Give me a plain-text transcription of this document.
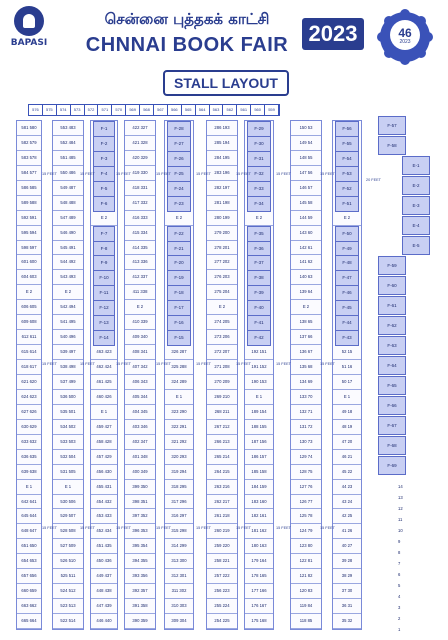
BAPASI
சென்னை புத்தகக் காட்சி
CHNNAI BOOK FAIR 2023	46
2023
STALL LAYOUT
576	575	574	573	572	571	570	569	568	567	566	565	564	563	562	561	560	559
581 580
582 579
583 578
584 577
586 585
589 588
592 591
595 594
598 597
601 600
604 603
E 2
606 605
609 608
612 611
615 614
618 617
621 620
624 623
627 626
630 629
633 632
636 635
639 638
E 1
642 641
645 644
648 647
651 650
654 653
657 656
660 659
663 662
665 664
553 483
552 484
551 485
550 486
549 487
548 488
547 489
546 490
545 491
544 492
543 493
E 2
542 494
541 495
540 496
539 497
538 498
537 499
536 500
535 501
534 502
533 503
532 504
531 505
E 1
530 506
529 507
528 508
527 509
526 510
525 511
524 512
523 513
522 514
F-1
F-2
F-3
F-4
F-5
F-6
E 2
F-7
F-8
F-9
F-10
F-11
F-12
F-13
F-14
463 423
462 424
461 425
460 426
E 1
459 427
458 428
457 429
456 430
455 431
454 432
453 433
452 434
451 435
450 436
449 437
448 438
447 439
446 440
422 327
421 328
420 329
419 330
418 331
417 332
416 333
415 334
414 335
413 336
412 337
411 338
E 2
410 339
409 340
408 341
407 342
406 343
405 344
404 345
403 346
402 347
401 348
400 349
399 350
398 351
397 352
396 353
395 354
394 355
393 356
392 357
391 358
390 359
F-28
F-27
F-26
F-25
F-24
F-23
E 2
F-22
F-21
F-20
F-19
F-18
F-17
F-16
F-15
326 287
325 288
324 289
E 1
323 290
322 291
321 292
320 293
319 294
318 295
317 296
316 297
315 298
314 299
313 300
312 301
311 302
310 303
309 304
286 193
285 194
284 195
283 196
282 197
281 198
280 199
279 200
278 201
277 202
276 203
275 204
E 2
274 205
273 206
272 207
271 208
270 209
269 210
268 211
267 212
266 213
265 214
264 215
263 216
262 217
261 218
260 219
259 220
258 221
257 222
256 223
255 224
254 225
F-29
F-30
F-31
F-32
F-33
F-34
E 2
F-35
F-36
F-37
F-38
F-39
F-40
F-41
F-42
192 151
191 152
190 153
E 1
189 154
188 155
187 156
186 157
185 158
184 159
183 160
182 161
181 162
180 163
179 164
178 165
177 166
176 167
175 168
150 53
149 54
148 55
147 56
146 57
145 58
144 59
143 60
142 61
141 62
140 63
139 64
E 2
138 65
137 66
136 67
135 68
134 69
133 70
132 71
131 72
130 73
129 74
128 75
127 76
126 77
125 78
124 79
123 80
122 81
121 82
120 83
119 84
118 85
F-56
F-55
F-54
F-53
F-52
F-51
E 2
F-50
F-49
F-48
F-47
F-46
F-45
F-44
F-43
52 15
51 16
50 17
E 1
49 18
48 19
47 20
46 21
45 22
44 23
43 24
42 25
41 26
40 27
39 28
38 29
37 30
36 31
35 32
15 FEET
15 FEET
15 FEET
15 FEET
15 FEET
15 FEET
15 FEET
15 FEET
15 FEET
15 FEET
15 FEET
15 FEET
15 FEET
15 FEET
15 FEET
15 FEET
15 FEET
15 FEET
15 FEET
15 FEET
15 FEET
15 FEET
15 FEET
15 FEET
20 FEET
F-57
F-58
E-1
E-2
E-3
E-4
E-5
F-59
F-60
F-61
F-62
F-63
F-64
F-65
F-66
F-67
F-68
F-69
14
13
12
11
10
9
8
7
6
5
4
3
2
1
